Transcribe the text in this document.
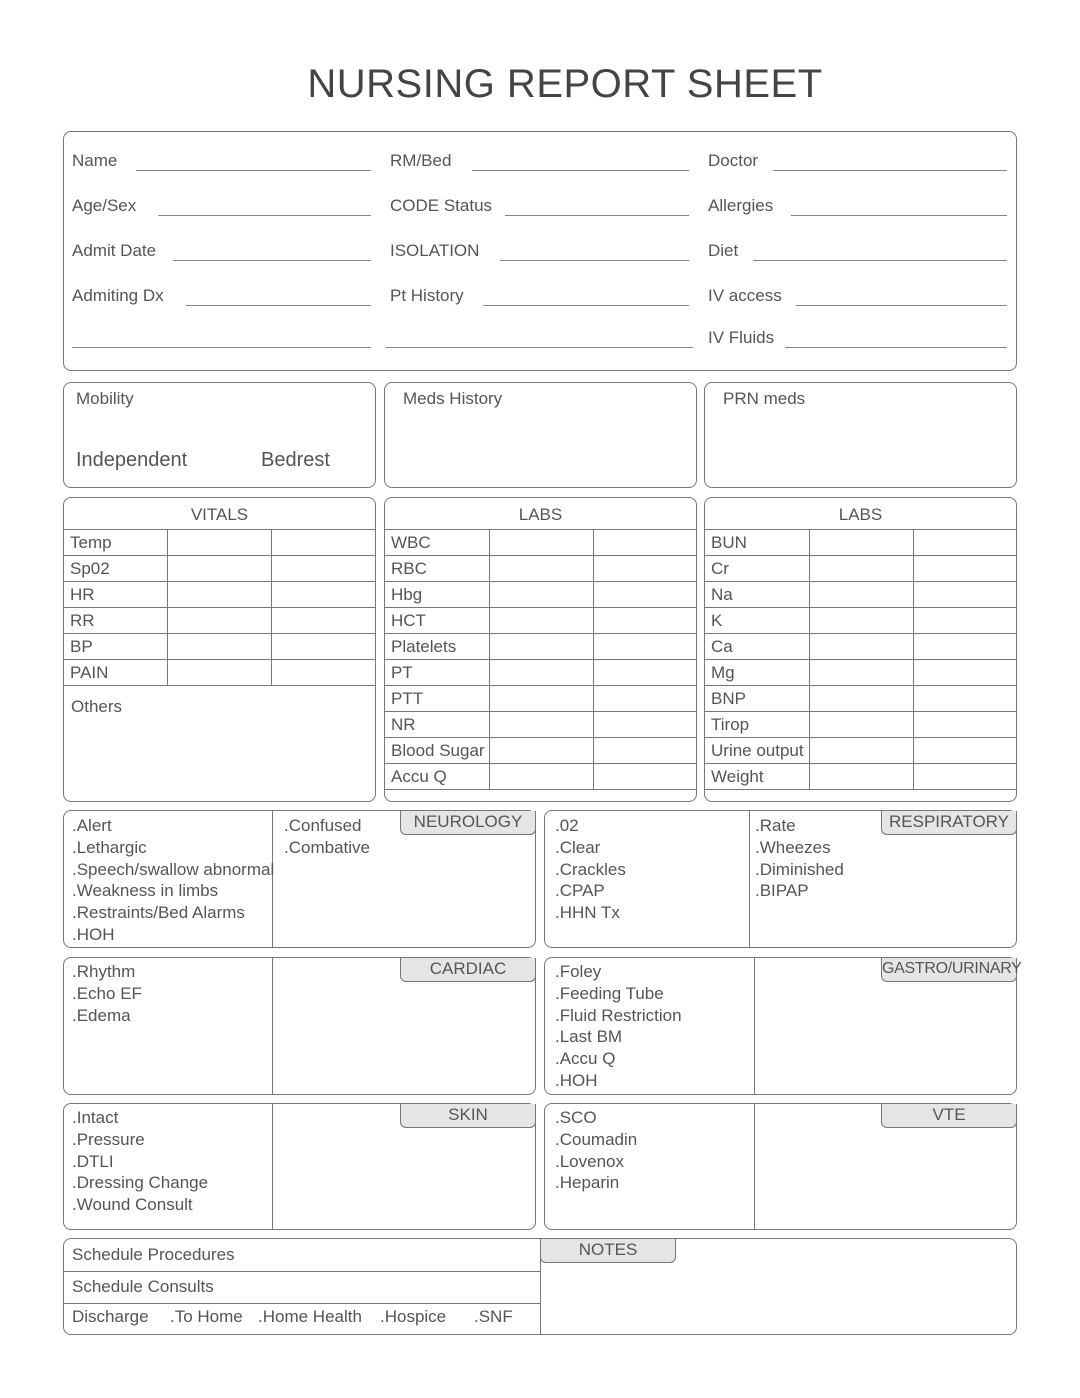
NURSING REPORT SHEET
Name	RM/Bed	Doctor
Age/Sex	CODE Status	Allergies
Admit Date	ISOLATION	Diet
Admiting Dx	Pt History	IV access
IV Fluids
Mobility
Independent	Bedrest
Meds History	PRN meds
VITALS
Temp		
Sp02		
HR		
RR		
BP		
PAIN		
Others
LABS
WBC		
RBC		
Hbg		
HCT		
Platelets		
PT		
PTT		
NR		
Blood Sugar		
Accu Q		
LABS
BUN		
Cr		
Na		
K		
Ca		
Mg		
BNP		
Tirop		
Urine output		
Weight		
.Alert
.Lethargic
.Speech/swallow abnormal
.Weakness in limbs
.Restraints/Bed Alarms
.HOH
.Confused
.Combative
NEUROLOGY	.02
.Clear
.Crackles
.CPAP
.HHN Tx
.Rate
.Wheezes
.Diminished
.BIPAP
RESPIRATORY
.Rhythm
.Echo EF
.Edema
CARDIAC	.Foley
.Feeding Tube
.Fluid Restriction
.Last BM
.Accu Q
.HOH
GASTRO/URINARY
.Intact
.Pressure
.DTLI
.Dressing Change
.Wound Consult
SKIN	.SCO
.Coumadin
.Lovenox
.Heparin
VTE
Schedule Procedures
Schedule Consults
Discharge .To Home .Home Health .Hospice .SNF
NOTES
